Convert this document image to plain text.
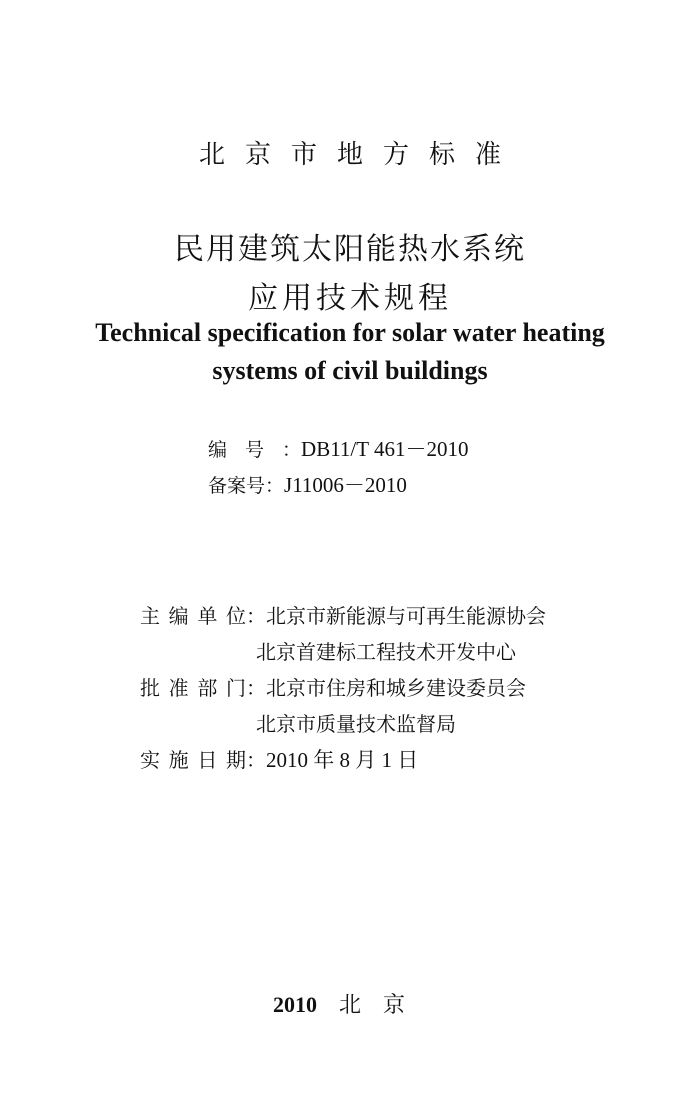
北京市地方标准
民用建筑太阳能热水系统
应用技术规程
Technical specification for solar water heating
systems of civil buildings
编号：DB11/T 461－2010
备案号：J11006－2010
主编单位：北京市新能源与可再生能源协会
北京首建标工程技术开发中心
批准部门：北京市住房和城乡建设委员会
北京市质量技术监督局
实施日期：2010 年 8 月 1 日
2010 北京
